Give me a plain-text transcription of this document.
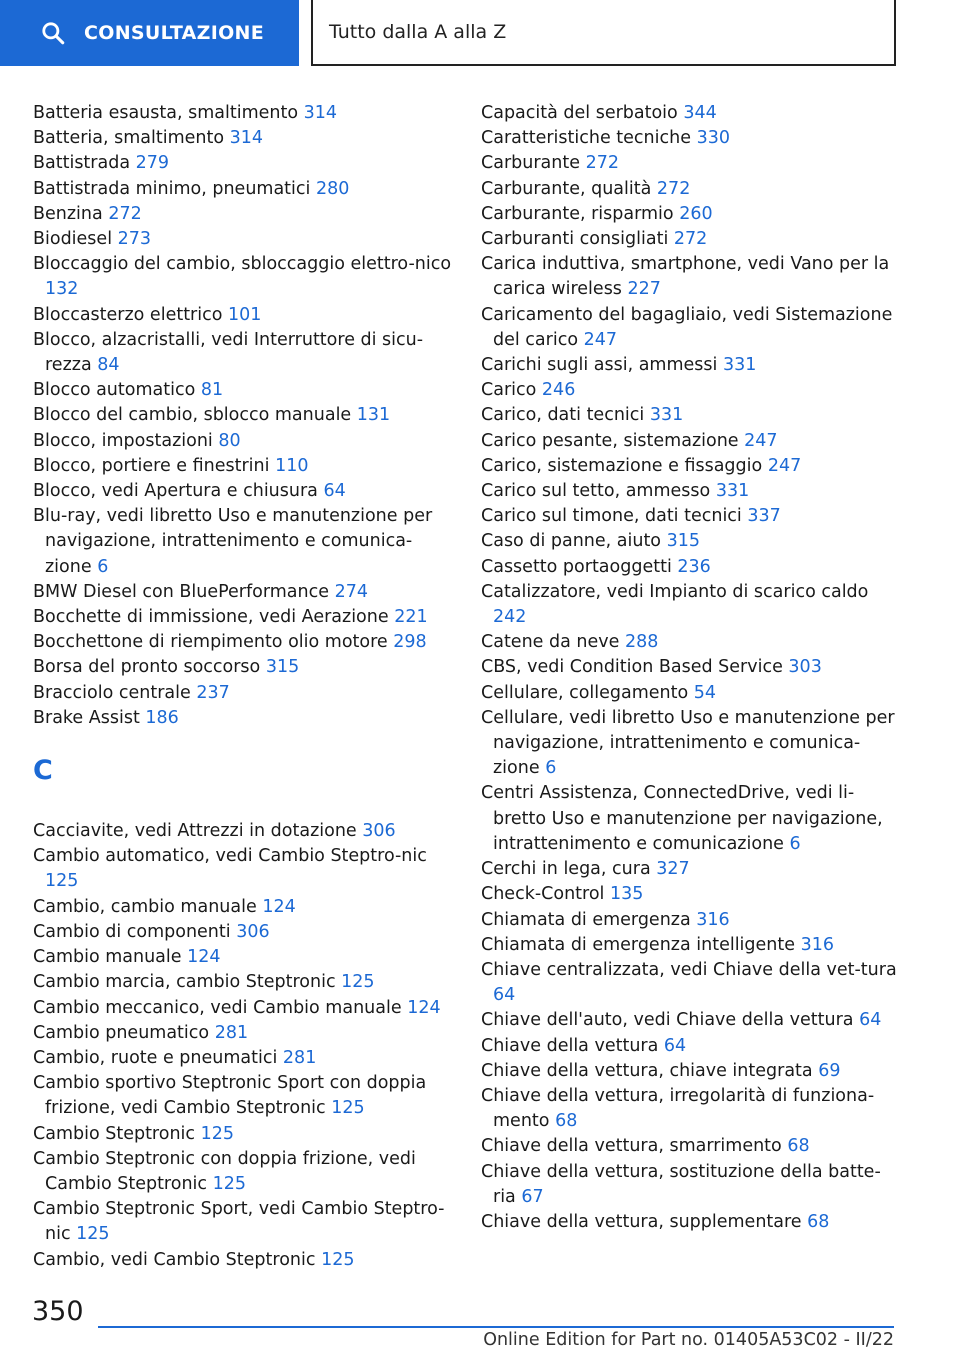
CONSULTAZIONE	Tutto dalla A alla Z
Batteria esausta, smaltimento 314
Batteria, smaltimento 314
Battistrada 279
Battistrada minimo, pneumatici 280
Benzina 272
Biodiesel 273
Bloccaggio del cambio, sbloccaggio elettro-nico 132
Bloccasterzo elettrico 101
Blocco, alzacristalli, vedi Interruttore di sicu-rezza 84
Blocco automatico 81
Blocco del cambio, sblocco manuale 131
Blocco, impostazioni 80
Blocco, portiere e finestrini 110
Blocco, vedi Apertura e chiusura 64
Blu-ray, vedi libretto Uso e manutenzione per navigazione, intrattenimento e comunica-zione 6
BMW Diesel con BluePerformance 274
Bocchette di immissione, vedi Aerazione 221
Bocchettone di riempimento olio motore 298
Borsa del pronto soccorso 315
Bracciolo centrale 237
Brake Assist 186
C
Cacciavite, vedi Attrezzi in dotazione 306
Cambio automatico, vedi Cambio Steptro-nic 125
Cambio, cambio manuale 124
Cambio di componenti 306
Cambio manuale 124
Cambio marcia, cambio Steptronic 125
Cambio meccanico, vedi Cambio manuale 124
Cambio pneumatico 281
Cambio, ruote e pneumatici 281
Cambio sportivo Steptronic Sport con doppia frizione, vedi Cambio Steptronic 125
Cambio Steptronic 125
Cambio Steptronic con doppia frizione, vedi Cambio Steptronic 125
Cambio Steptronic Sport, vedi Cambio Steptro-nic 125
Cambio, vedi Cambio Steptronic 125
Capacità del serbatoio 344
Caratteristiche tecniche 330
Carburante 272
Carburante, qualità 272
Carburante, risparmio 260
Carburanti consigliati 272
Carica induttiva, smartphone, vedi Vano per la carica wireless 227
Caricamento del bagagliaio, vedi Sistemazione del carico 247
Carichi sugli assi, ammessi 331
Carico 246
Carico, dati tecnici 331
Carico pesante, sistemazione 247
Carico, sistemazione e fissaggio 247
Carico sul tetto, ammesso 331
Carico sul timone, dati tecnici 337
Caso di panne, aiuto 315
Cassetto portaoggetti 236
Catalizzatore, vedi Impianto di scarico caldo 242
Catene da neve 288
CBS, vedi Condition Based Service 303
Cellulare, collegamento 54
Cellulare, vedi libretto Uso e manutenzione per navigazione, intrattenimento e comunica-zione 6
Centri Assistenza, ConnectedDrive, vedi li-bretto Uso e manutenzione per navigazione, intrattenimento e comunicazione 6
Cerchi in lega, cura 327
Check-Control 135
Chiamata di emergenza 316
Chiamata di emergenza intelligente 316
Chiave centralizzata, vedi Chiave della vet-tura 64
Chiave dell'auto, vedi Chiave della vettura 64
Chiave della vettura 64
Chiave della vettura, chiave integrata 69
Chiave della vettura, irregolarità di funziona-mento 68
Chiave della vettura, smarrimento 68
Chiave della vettura, sostituzione della batte-ria 67
Chiave della vettura, supplementare 68
350
Online Edition for Part no. 01405A53C02 - II/22
